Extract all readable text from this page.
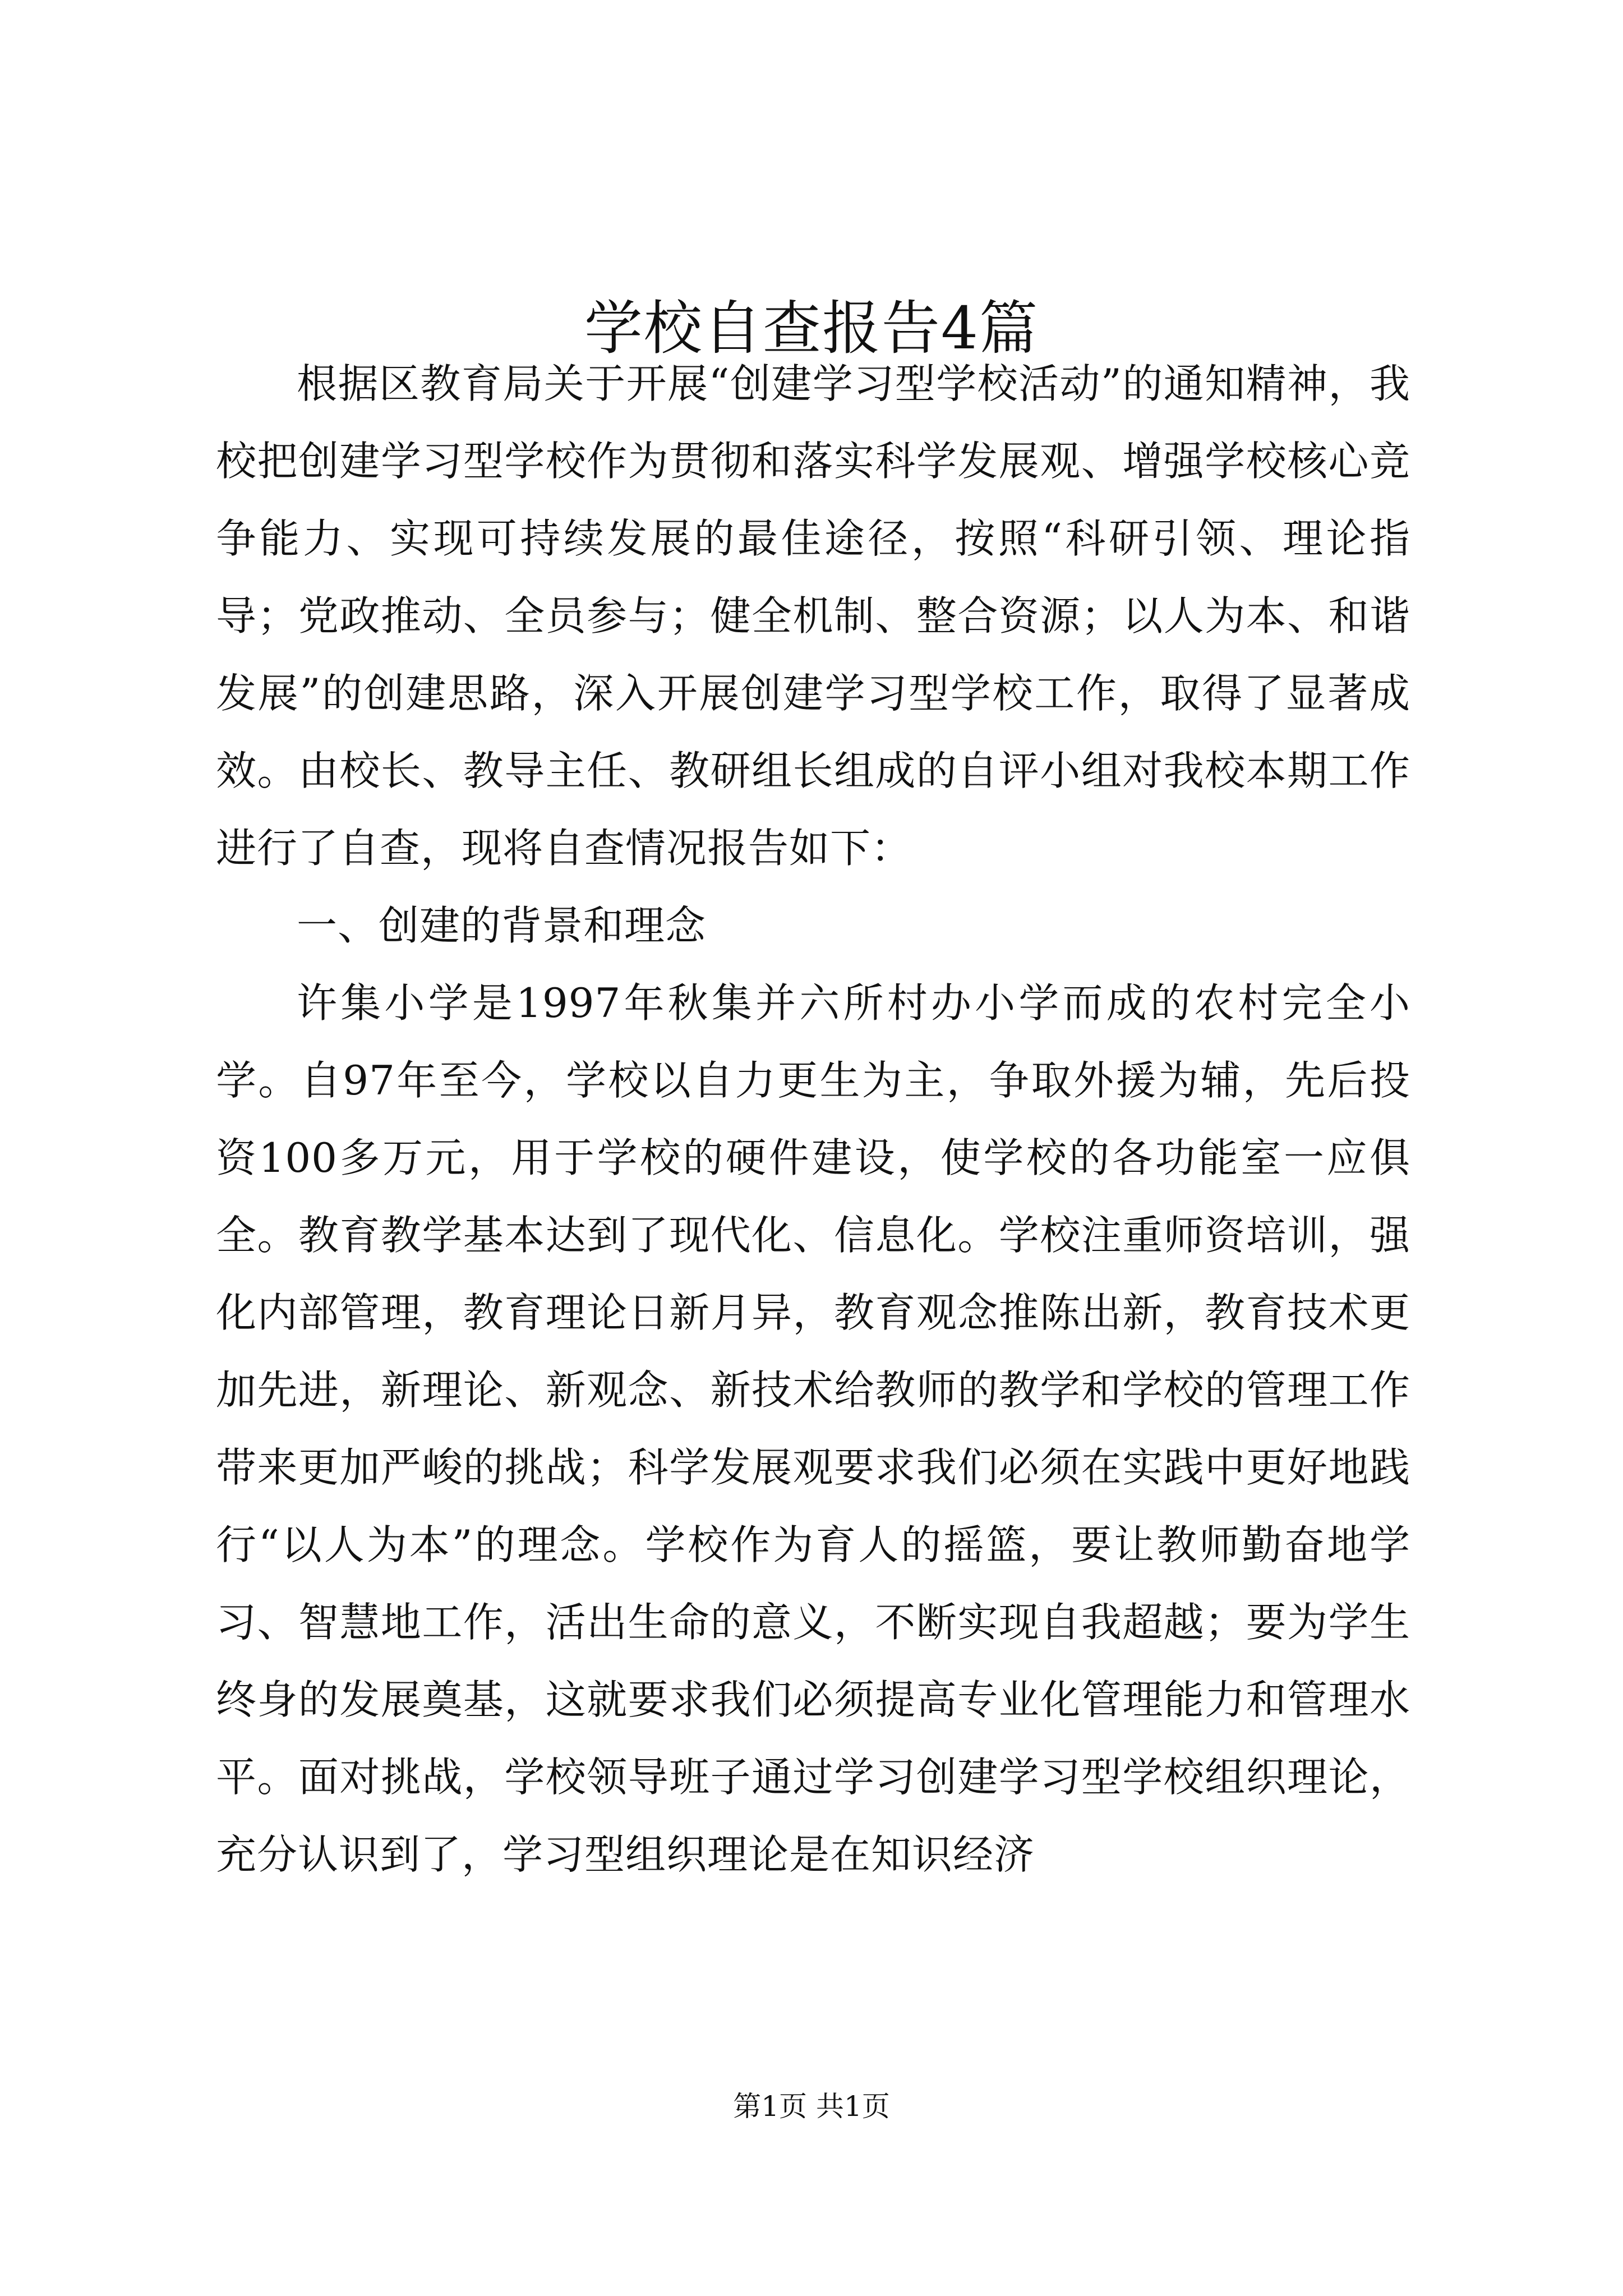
学校自查报告4篇

根据区教育局关于开展“创建学习型学校活动”的通知精神，我校把创建学习型学校作为贯彻和落实科学发展观、增强学校核心竞争能力、实现可持续发展的最佳途径，按照“科研引领、理论指导；党政推动、全员参与；健全机制、整合资源；以人为本、和谐发展”的创建思路，深入开展创建学习型学校工作，取得了显著成效。由校长、教导主任、教研组长组成的自评小组对我校本期工作进行了自查，现将自查情况报告如下：

一、创建的背景和理念

许集小学是1997年秋集并六所村办小学而成的农村完全小学。自97年至今，学校以自力更生为主，争取外援为辅，先后投资100多万元，用于学校的硬件建设，使学校的各功能室一应俱全。教育教学基本达到了现代化、信息化。学校注重师资培训，强化内部管理，教育理论日新月异，教育观念推陈出新，教育技术更加先进，新理论、新观念、新技术给教师的教学和学校的管理工作带来更加严峻的挑战；科学发展观要求我们必须在实践中更好地践行“以人为本”的理念。学校作为育人的摇篮，要让教师勤奋地学习、智慧地工作，活出生命的意义，不断实现自我超越；要为学生终身的发展奠基，这就要求我们必须提高专业化管理能力和管理水平。面对挑战，学校领导班子通过学习创建学习型学校组织理论，充分认识到了，学习型组织理论是在知识经济

第1页 共1页
